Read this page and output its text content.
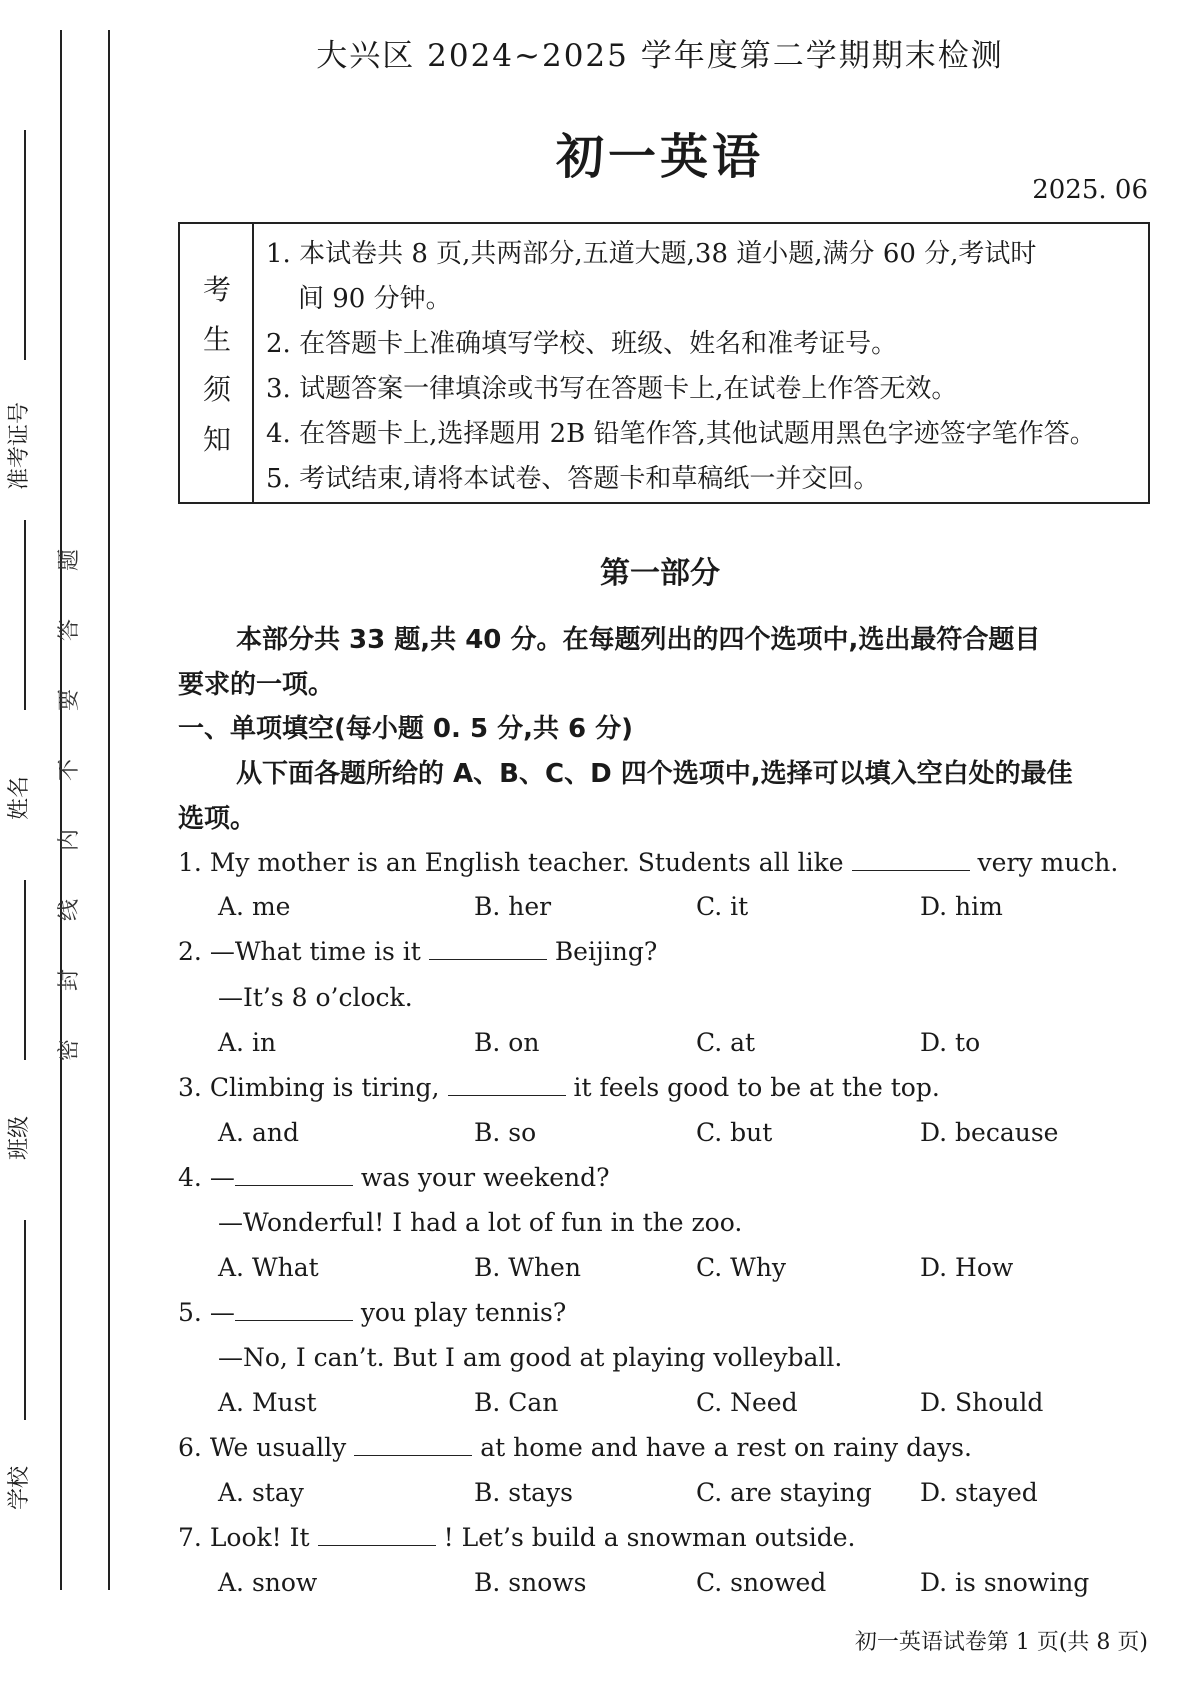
准考证号
姓名
班级
学校
题
答
要
不
内
线
封
密
大兴区 2024~2025 学年度第二学期期末检测
初一英语
2025. 06
考
生
须
知
1. 本试卷共 8 页,共两部分,五道大题,38 道小题,满分 60 分,考试时
间 90 分钟。
2. 在答题卡上准确填写学校、班级、姓名和准考证号。
3. 试题答案一律填涂或书写在答题卡上,在试卷上作答无效。
4. 在答题卡上,选择题用 2B 铅笔作答,其他试题用黑色字迹签字笔作答。
5. 考试结束,请将本试卷、答题卡和草稿纸一并交回。
第一部分
本部分共 33 题,共 40 分。在每题列出的四个选项中,选出最符合题目
要求的一项。
一、单项填空(每小题 0. 5 分,共 6 分)
从下面各题所给的 A、B、C、D 四个选项中,选择可以填入空白处的最佳
选项。
1. My mother is an English teacher. Students all like	very much.
A. me	B. her	C. it	D. him
2. —What time is it	Beijing?
—It’s 8 o’clock.
A. in	B. on	C. at	D. to
3. Climbing is tiring,	it feels good to be at the top.
A. and	B. so	C. but	D. because
4. —	was your weekend?
—Wonderful! I had a lot of fun in the zoo.
A. What	B. When	C. Why	D. How
5. —	you play tennis?
—No, I can’t. But I am good at playing volleyball.
A. Must	B. Can	C. Need	D. Should
6. We usually	at home and have a rest on rainy days.
A. stay	B. stays	C. are staying D. stayed
7. Look! It	! Let’s build a snowman outside.
A. snow	B. snows	C. snowed	D. is snowing
初一英语试卷第 1 页(共 8 页)
